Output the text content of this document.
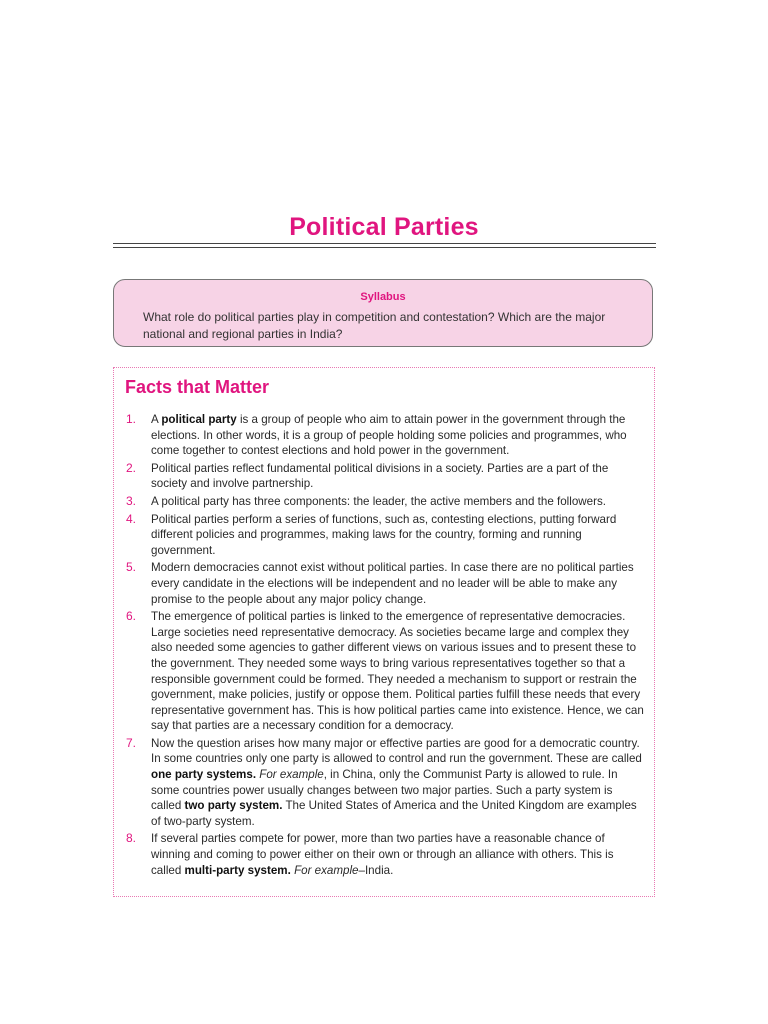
Political Parties
Syllabus
What role do political parties play in competition and contestation? Which are the major national and regional parties in India?
Facts that Matter
1. A political party is a group of people who aim to attain power in the government through the elections. In other words, it is a group of people holding some policies and programmes, who come together to contest elections and hold power in the government.
2. Political parties reflect fundamental political divisions in a society. Parties are a part of the society and involve partnership.
3. A political party has three components: the leader, the active members and the followers.
4. Political parties perform a series of functions, such as, contesting elections, putting forward different policies and programmes, making laws for the country, forming and running government.
5. Modern democracies cannot exist without political parties. In case there are no political parties every candidate in the elections will be independent and no leader will be able to make any promise to the people about any major policy change.
6. The emergence of political parties is linked to the emergence of representative democracies. Large societies need representative democracy. As societies became large and complex they also needed some agencies to gather different views on various issues and to present these to the government. They needed some ways to bring various representatives together so that a responsible government could be formed. They needed a mechanism to support or restrain the government, make policies, justify or oppose them. Political parties fulfill these needs that every representative government has. This is how political parties came into existence. Hence, we can say that parties are a necessary condition for a democracy.
7. Now the question arises how many major or effective parties are good for a democratic country. In some countries only one party is allowed to control and run the government. These are called one party systems. For example, in China, only the Communist Party is allowed to rule. In some countries power usually changes between two major parties. Such a party system is called two party system. The United States of America and the United Kingdom are examples of two-party system.
8. If several parties compete for power, more than two parties have a reasonable chance of winning and coming to power either on their own or through an alliance with others. This is called multi-party system. For example–India.
